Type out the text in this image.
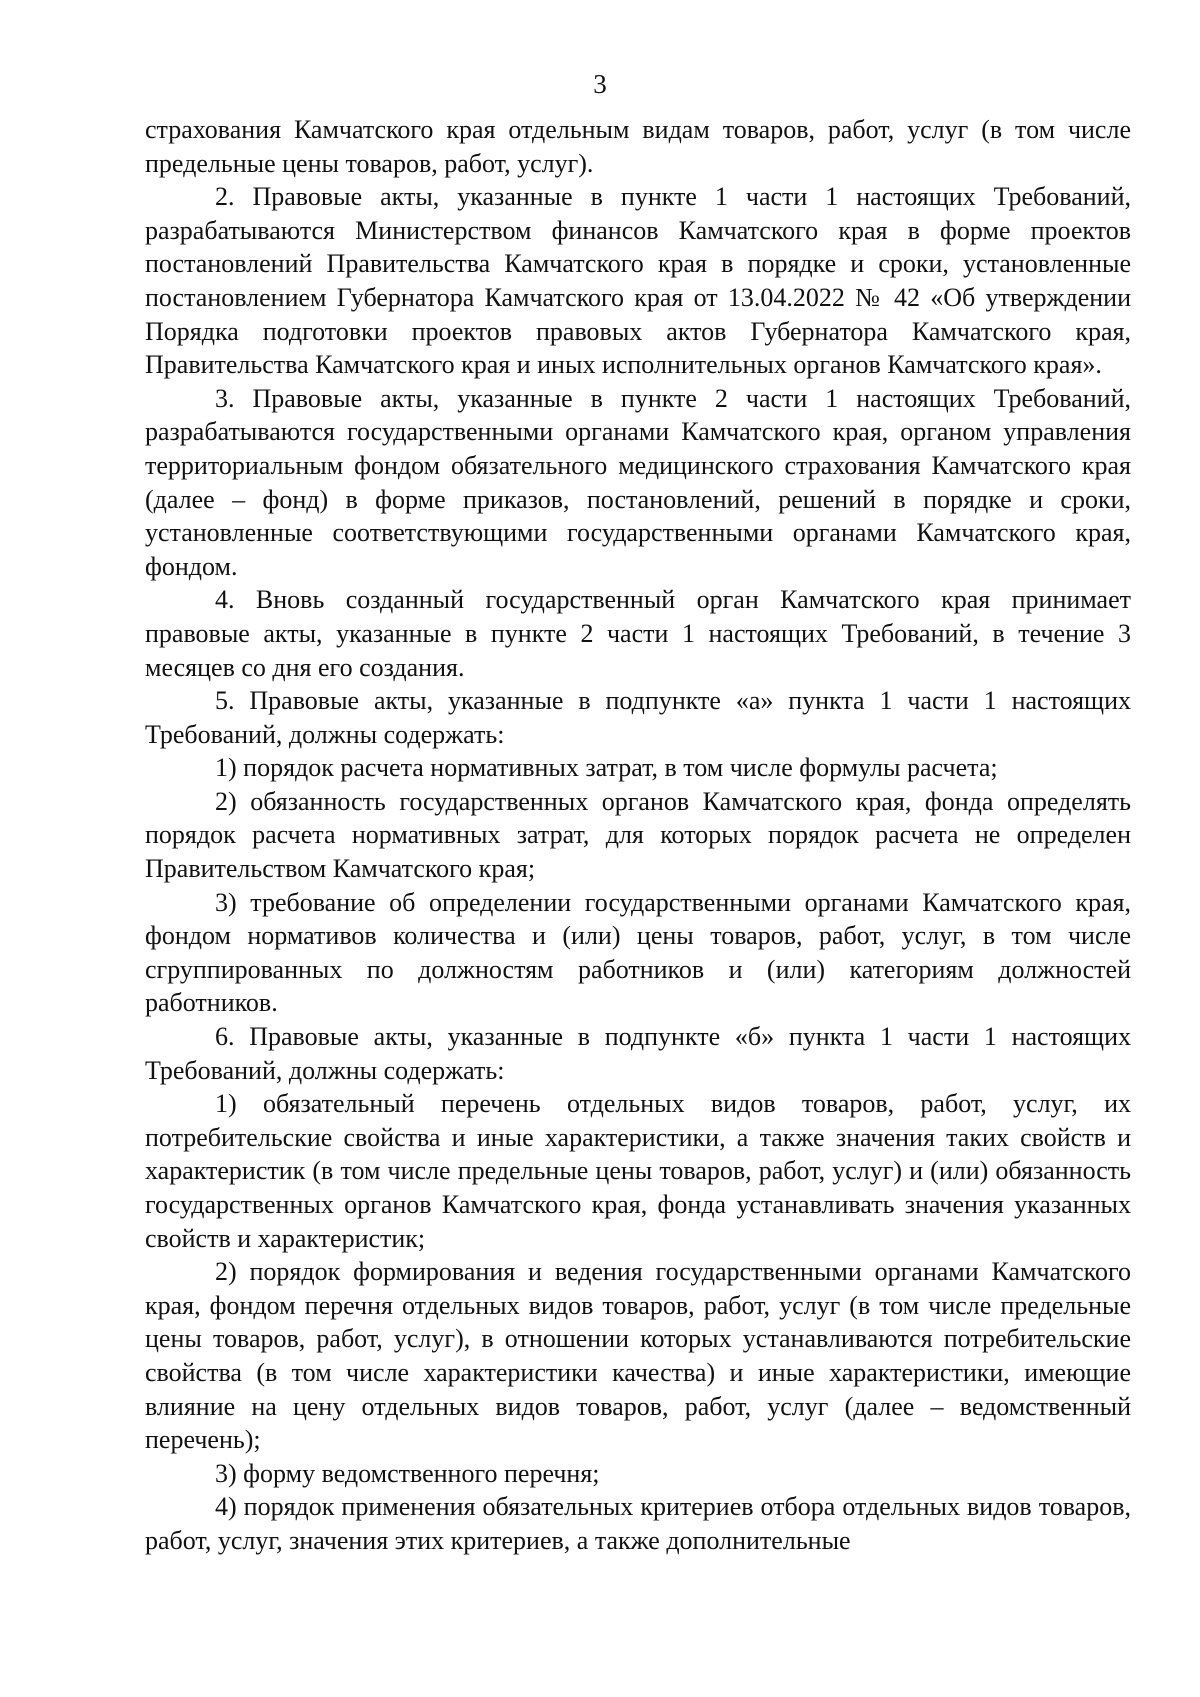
3

страхования Камчатского края отдельным видам товаров, работ, услуг (в том числе предельные цены товаров, работ, услуг).

2. Правовые акты, указанные в пункте 1 части 1 настоящих Требований, разрабатываются Министерством финансов Камчатского края в форме проектов постановлений Правительства Камчатского края в порядке и сроки, установленные постановлением Губернатора Камчатского края от 13.04.2022 № 42 «Об утверждении Порядка подготовки проектов правовых актов Губернатора Камчатского края, Правительства Камчатского края и иных исполнительных органов Камчатского края».

3. Правовые акты, указанные в пункте 2 части 1 настоящих Требований, разрабатываются государственными органами Камчатского края, органом управления территориальным фондом обязательного медицинского страхования Камчатского края (далее – фонд) в форме приказов, постановлений, решений в порядке и сроки, установленные соответствующими государственными органами Камчатского края, фондом.

4. Вновь созданный государственный орган Камчатского края принимает правовые акты, указанные в пункте 2 части 1 настоящих Требований, в течение 3 месяцев со дня его создания.

5. Правовые акты, указанные в подпункте «а» пункта 1 части 1 настоящих Требований, должны содержать:

1) порядок расчета нормативных затрат, в том числе формулы расчета;

2) обязанность государственных органов Камчатского края, фонда определять порядок расчета нормативных затрат, для которых порядок расчета не определен Правительством Камчатского края;

3) требование об определении государственными органами Камчатского края, фондом нормативов количества и (или) цены товаров, работ, услуг, в том числе сгруппированных по должностям работников и (или) категориям должностей работников.

6. Правовые акты, указанные в подпункте «б» пункта 1 части 1 настоящих Требований, должны содержать:

1) обязательный перечень отдельных видов товаров, работ, услуг, их потребительские свойства и иные характеристики, а также значения таких свойств и характеристик (в том числе предельные цены товаров, работ, услуг) и (или) обязанность государственных органов Камчатского края, фонда устанавливать значения указанных свойств и характеристик;

2) порядок формирования и ведения государственными органами Камчатского края, фондом перечня отдельных видов товаров, работ, услуг (в том числе предельные цены товаров, работ, услуг), в отношении которых устанавливаются потребительские свойства (в том числе характеристики качества) и иные характеристики, имеющие влияние на цену отдельных видов товаров, работ, услуг (далее – ведомственный перечень);

3) форму ведомственного перечня;

4) порядок применения обязательных критериев отбора отдельных видов товаров, работ, услуг, значения этих критериев, а также дополнительные
